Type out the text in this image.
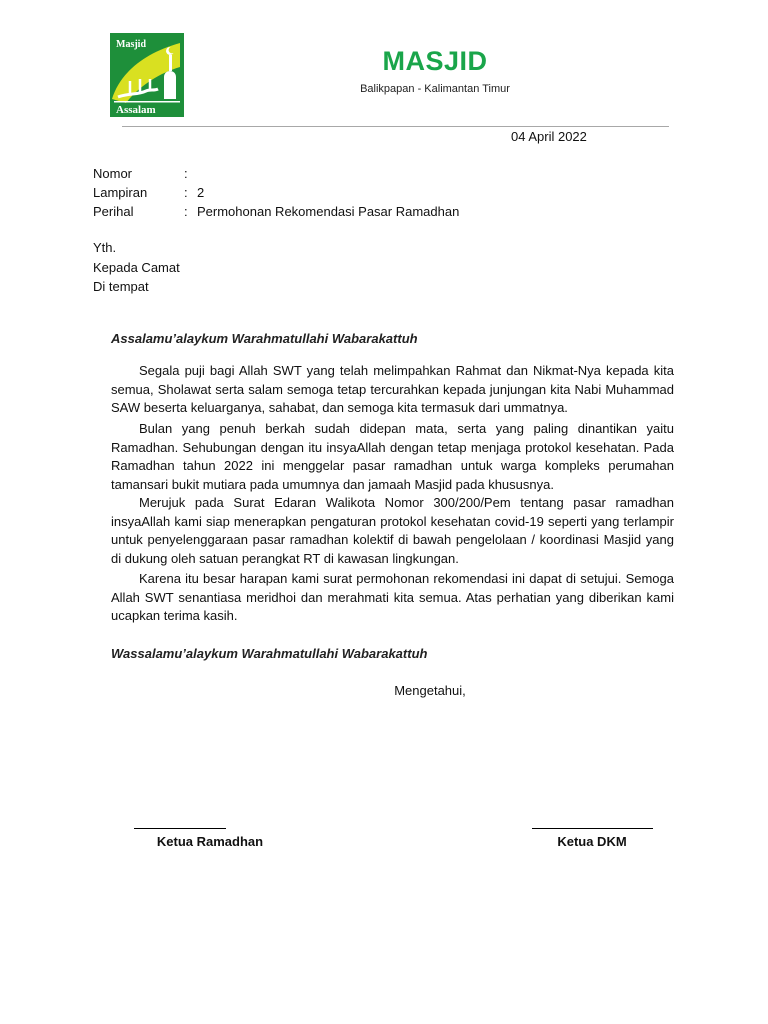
Masjid
Assalam
MASJID
Balikpapan - Kalimantan Timur
04 April 2022
Nomor	:
Lampiran	: 2
Perihal	: Permohonan Rekomendasi Pasar Ramadhan
Yth.
Kepada Camat
Di tempat
Assalamu’alaykum Warahmatullahi Wabarakattuh

Segala puji bagi Allah SWT yang telah melimpahkan Rahmat dan Nikmat-Nya kepada kita semua, Sholawat serta salam semoga tetap tercurahkan kepada junjungan kita Nabi Muhammad SAW beserta keluarganya, sahabat, dan semoga kita termasuk dari ummatnya.

Bulan yang penuh berkah sudah didepan mata, serta yang paling dinantikan yaitu Ramadhan. Sehubungan dengan itu insyaAllah dengan tetap menjaga protokol kesehatan. Pada Ramadhan tahun 2022 ini menggelar pasar ramadhan untuk warga kompleks perumahan tamansari bukit mutiara pada umumnya dan jamaah Masjid pada khususnya.

Merujuk pada Surat Edaran Walikota Nomor 300/200/Pem tentang pasar ramadhan insyaAllah kami siap menerapkan pengaturan protokol kesehatan covid-19 seperti yang terlampir untuk penyelenggaraan pasar ramadhan kolektif di bawah pengelolaan / koordinasi Masjid yang di dukung oleh satuan perangkat RT di kawasan lingkungan.

Karena itu besar harapan kami surat permohonan rekomendasi ini dapat di setujui. Semoga Allah SWT senantiasa meridhoi dan merahmati kita semua. Atas perhatian yang diberikan kami ucapkan terima kasih.

Wassalamu’alaykum Warahmatullahi Wabarakattuh
Mengetahui,
Ketua Ramadhan	Ketua DKM
